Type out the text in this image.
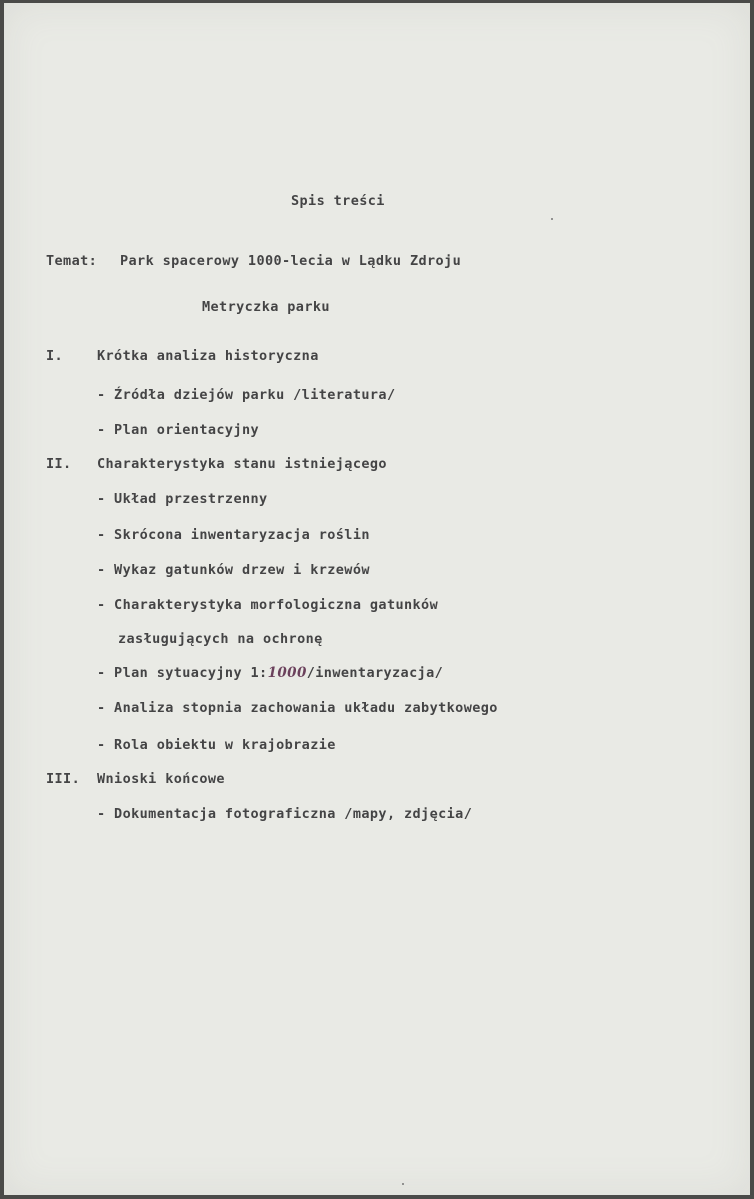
Spis treści
Temat: Park spacerowy 1000-lecia w Lądku Zdroju
Metryczka parku
I.	Krótka analiza historyczna
- Źródła dziejów parku /literatura/
- Plan orientacyjny
II. Charakterystyka stanu istniejącego
- Układ przestrzenny
- Skrócona inwentaryzacja roślin
- Wykaz gatunków drzew i krzewów
- Charakterystyka morfologiczna gatunków
zasługujących na ochronę
- Plan sytuacyjny 1:1000/inwentaryzacja/
- Analiza stopnia zachowania układu zabytkowego
- Rola obiektu w krajobrazie
III. Wnioski końcowe
- Dokumentacja fotograficzna /mapy, zdjęcia/
